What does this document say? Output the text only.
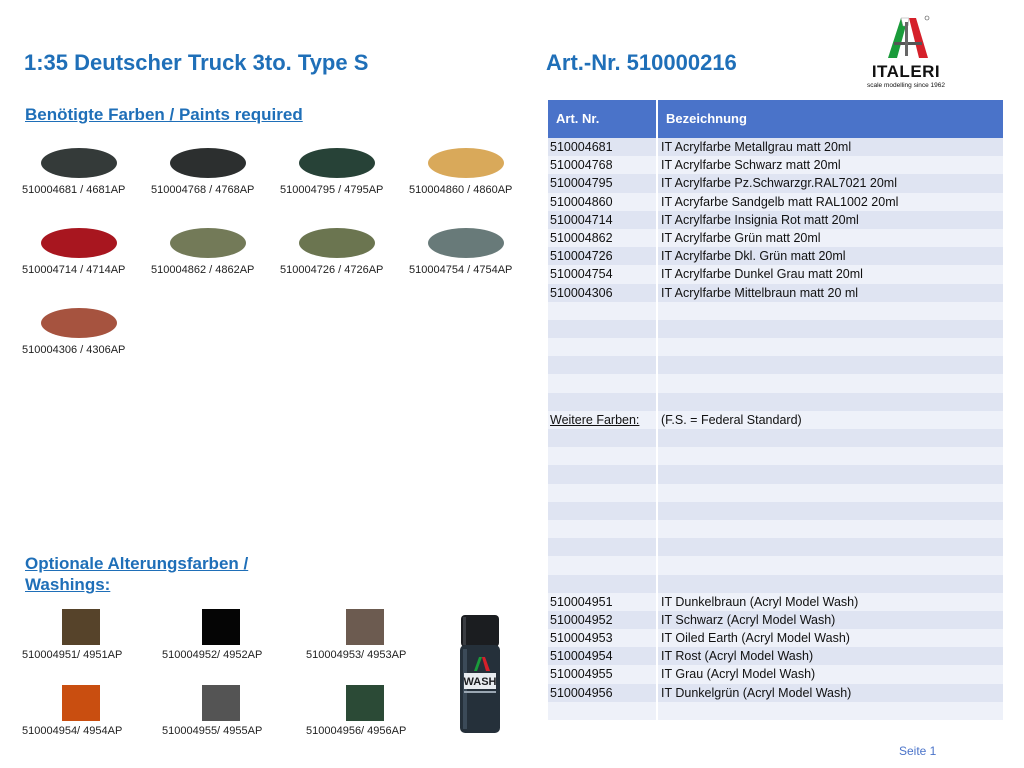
1:35 Deutscher Truck 3to. Type S	Art.-Nr. 510000216	ITALERI
scale modelling since 1962
Benötigte Farben / Paints required
510004681 / 4681AP 510004768 / 4768AP 510004795 / 4795AP 510004860 / 4860AP
510004714 / 4714AP 510004862 / 4862AP 510004726 / 4726AP 510004754 / 4754AP
510004306 / 4306AP
Optionale Alterungsfarben /
Washings:
510004951/ 4951AP	510004952/ 4952AP	510004953/ 4953AP
510004954/ 4954AP	510004955/ 4955AP	510004956/ 4956AP
WASH
Art. Nr.	Bezeichnung
510004681	IT Acrylfarbe Metallgrau matt 20ml
510004768	IT Acrylfarbe Schwarz matt 20ml
510004795	IT Acrylfarbe Pz.Schwarzgr.RAL7021 20ml
510004860	IT Acryfarbe Sandgelb matt RAL1002 20ml
510004714	IT Acrylfarbe Insignia Rot matt 20ml
510004862	IT Acrylfarbe Grün matt 20ml
510004726	IT Acrylfarbe Dkl. Grün matt 20ml
510004754	IT Acrylfarbe Dunkel Grau matt 20ml
510004306	IT Acrylfarbe Mittelbraun matt 20 ml
Weitere Farben:	(F.S. = Federal Standard)
510004951	IT Dunkelbraun (Acryl Model Wash)
510004952	IT Schwarz (Acryl Model Wash)
510004953	IT Oiled Earth (Acryl Model Wash)
510004954	IT Rost (Acryl Model Wash)
510004955	IT Grau (Acryl Model Wash)
510004956	IT Dunkelgrün (Acryl Model Wash)
Seite 1
